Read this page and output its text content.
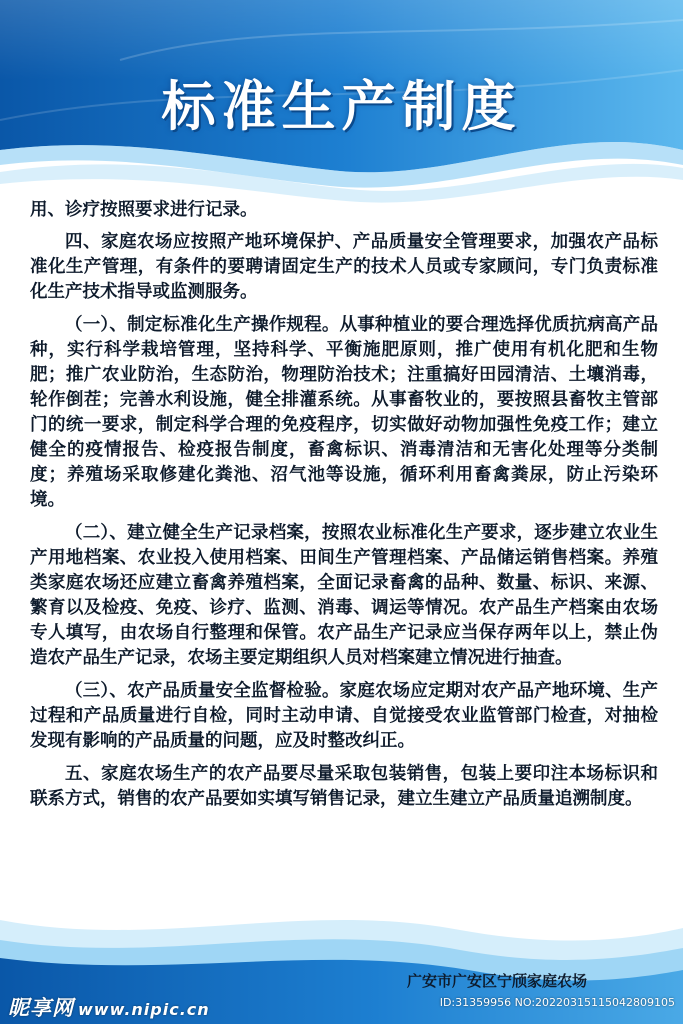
标准生产制度

用、诊疗按照要求进行记录。

四、家庭农场应按照产地环境保护、产品质量安全管理要求，加强农产品标准化生产管理，有条件的要聘请固定生产的技术人员或专家顾问，专门负责标准化生产技术指导或监测服务。

（一）、制定标准化生产操作规程。从事种植业的要合理选择优质抗病高产品种，实行科学栽培管理，坚持科学、平衡施肥原则，推广使用有机化肥和生物肥；推广农业防治，生态防治，物理防治技术；注重搞好田园清洁、土壤消毒，轮作倒茬；完善水利设施，健全排灌系统。从事畜牧业的，要按照县畜牧主管部门的统一要求，制定科学合理的免疫程序，切实做好动物加强性免疫工作；建立健全的疫情报告、检疫报告制度，畜禽标识、消毒清洁和无害化处理等分类制度；养殖场采取修建化粪池、沼气池等设施，循环利用畜禽粪尿，防止污染环境。

（二）、建立健全生产记录档案，按照农业标准化生产要求，逐步建立农业生产用地档案、农业投入使用档案、田间生产管理档案、产品储运销售档案。养殖类家庭农场还应建立畜禽养殖档案，全面记录畜禽的品种、数量、标识、来源、繁育以及检疫、免疫、诊疗、监测、消毒、调运等情况。农产品生产档案由农场专人填写，由农场自行整理和保管。农产品生产记录应当保存两年以上，禁止伪造农产品生产记录，农场主要定期组织人员对档案建立情况进行抽查。

（三）、农产品质量安全监督检验。家庭农场应定期对农产品产地环境、生产过程和产品质量进行自检，同时主动申请、自觉接受农业监管部门检查，对抽检发现有影响的产品质量的问题，应及时整改纠正。

五、家庭农场生产的农产品要尽量采取包装销售，包装上要印注本场标识和联系方式，销售的农产品要如实填写销售记录，建立生建立产品质量追溯制度。

广安市广安区宁颀家庭农场
昵享网 www.nipic.cn	ID:31359956 NO:20220315115042809105
